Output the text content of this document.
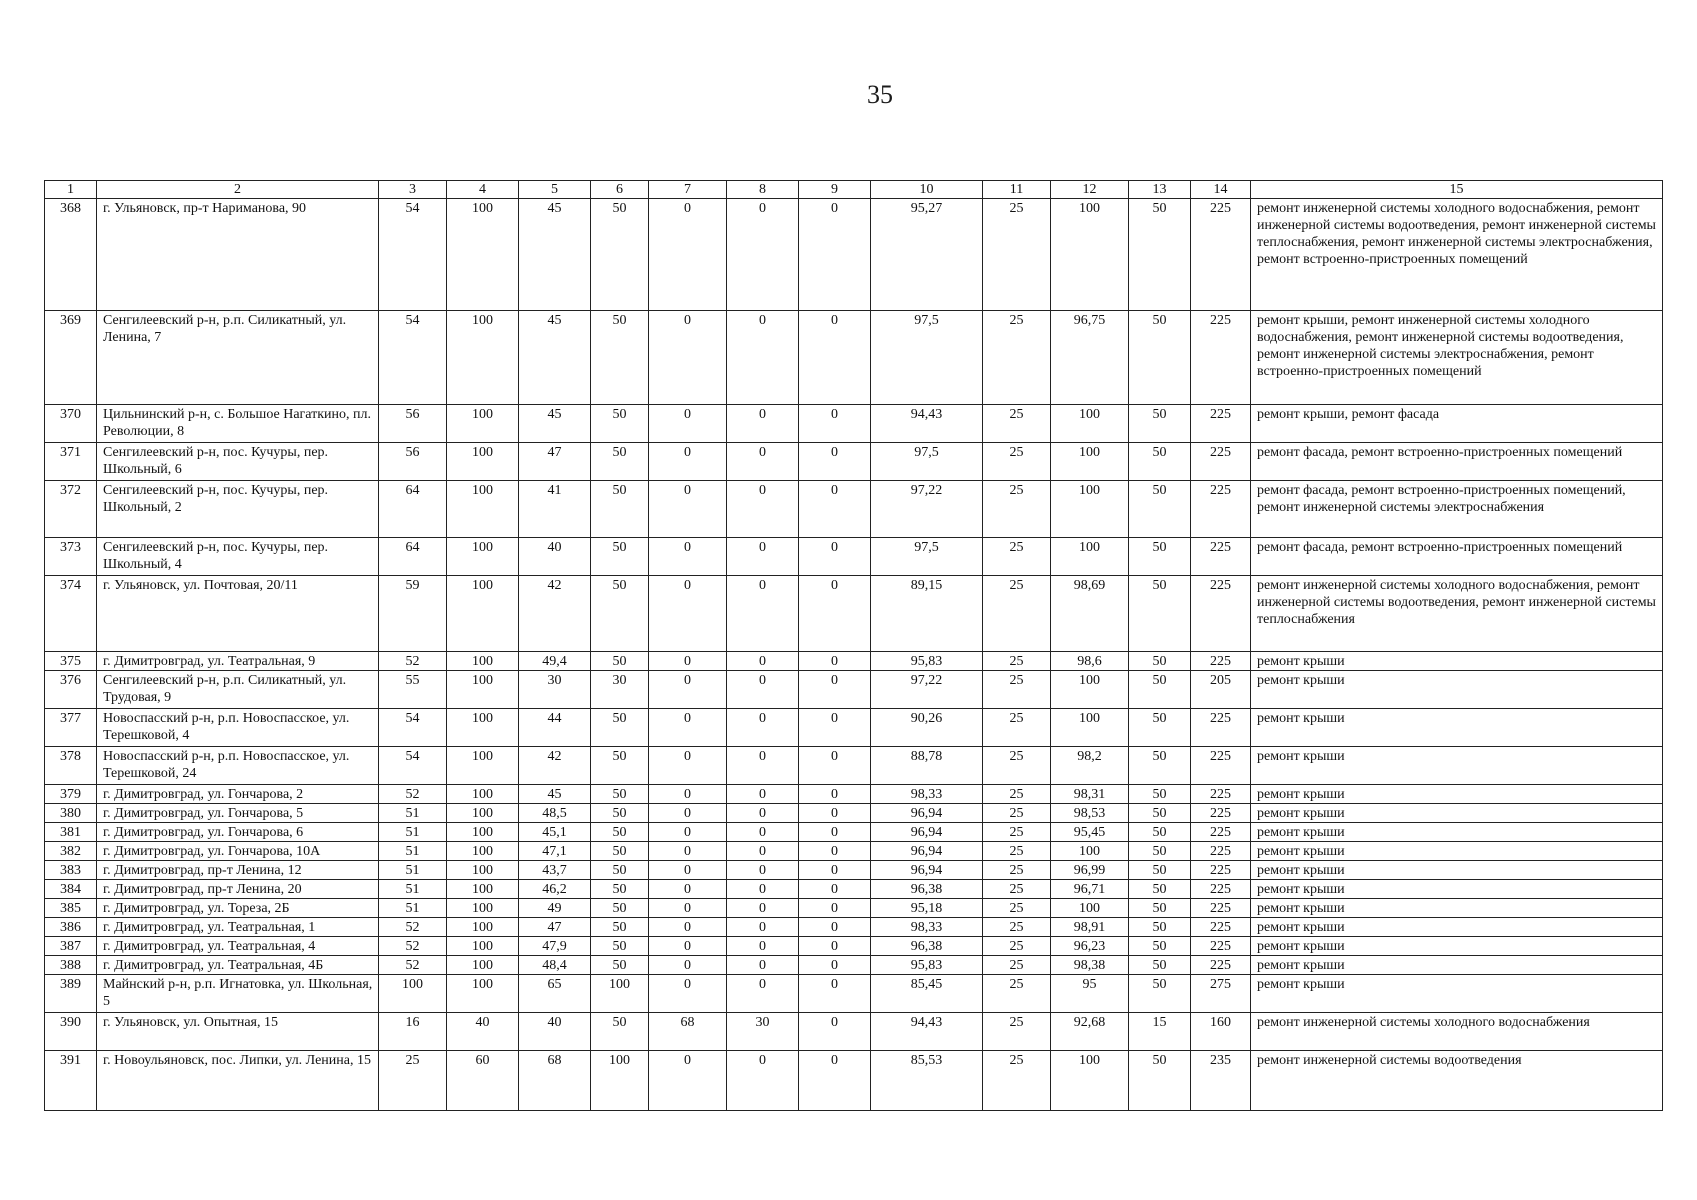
35
1	2	3	4	5	6	7	8	9	10	11	12	13	14	15
368	г. Ульяновск, пр-т Нариманова, 90	54	100	45	50	0	0	0	95,27	25	100	50	225	ремонт инженерной системы холодного водоснабжения, ремонт инженерной системы водоотведения, ремонт инженерной системы теплоснабжения, ремонт инженерной системы электроснабжения, ремонт встроенно-пристроенных помещений
369	Сенгилеевский р-н, р.п. Силикатный, ул. Ленина, 7	54	100	45	50	0	0	0	97,5	25	96,75	50	225	ремонт крыши, ремонт инженерной системы холодного водоснабжения, ремонт инженерной системы водоотведения, ремонт инженерной системы электроснабжения, ремонт встроенно-пристроенных помещений
370	Цильнинский р-н, с. Большое Нагаткино, пл. Революции, 8	56	100	45	50	0	0	0	94,43	25	100	50	225	ремонт крыши, ремонт фасада
371	Сенгилеевский р-н, пос. Кучуры, пер. Школьный, 6	56	100	47	50	0	0	0	97,5	25	100	50	225	ремонт фасада, ремонт встроенно-пристроенных помещений
372	Сенгилеевский р-н, пос. Кучуры, пер. Школьный, 2	64	100	41	50	0	0	0	97,22	25	100	50	225	ремонт фасада, ремонт встроенно-пристроенных помещений, ремонт инженерной системы электроснабжения
373	Сенгилеевский р-н, пос. Кучуры, пер. Школьный, 4	64	100	40	50	0	0	0	97,5	25	100	50	225	ремонт фасада, ремонт встроенно-пристроенных помещений
374	г. Ульяновск, ул. Почтовая, 20/11	59	100	42	50	0	0	0	89,15	25	98,69	50	225	ремонт инженерной системы холодного водоснабжения, ремонт инженерной системы водоотведения, ремонт инженерной системы теплоснабжения
375	г. Димитровград, ул. Театральная, 9	52	100	49,4	50	0	0	0	95,83	25	98,6	50	225	ремонт крыши
376	Сенгилеевский р-н, р.п. Силикатный, ул. Трудовая, 9	55	100	30	30	0	0	0	97,22	25	100	50	205	ремонт крыши
377	Новоспасский р-н, р.п. Новоспасское, ул. Терешковой, 4	54	100	44	50	0	0	0	90,26	25	100	50	225	ремонт крыши
378	Новоспасский р-н, р.п. Новоспасское, ул. Терешковой, 24	54	100	42	50	0	0	0	88,78	25	98,2	50	225	ремонт крыши
379	г. Димитровград, ул. Гончарова, 2	52	100	45	50	0	0	0	98,33	25	98,31	50	225	ремонт крыши
380	г. Димитровград, ул. Гончарова, 5	51	100	48,5	50	0	0	0	96,94	25	98,53	50	225	ремонт крыши
381	г. Димитровград, ул. Гончарова, 6	51	100	45,1	50	0	0	0	96,94	25	95,45	50	225	ремонт крыши
382	г. Димитровград, ул. Гончарова, 10А	51	100	47,1	50	0	0	0	96,94	25	100	50	225	ремонт крыши
383	г. Димитровград, пр-т Ленина, 12	51	100	43,7	50	0	0	0	96,94	25	96,99	50	225	ремонт крыши
384	г. Димитровград, пр-т Ленина, 20	51	100	46,2	50	0	0	0	96,38	25	96,71	50	225	ремонт крыши
385	г. Димитровград, ул. Тореза, 2Б	51	100	49	50	0	0	0	95,18	25	100	50	225	ремонт крыши
386	г. Димитровград, ул. Театральная, 1	52	100	47	50	0	0	0	98,33	25	98,91	50	225	ремонт крыши
387	г. Димитровград, ул. Театральная, 4	52	100	47,9	50	0	0	0	96,38	25	96,23	50	225	ремонт крыши
388	г. Димитровград, ул. Театральная, 4Б	52	100	48,4	50	0	0	0	95,83	25	98,38	50	225	ремонт крыши
389	Майнский р-н, р.п. Игнатовка, ул. Школьная, 5	100	100	65	100	0	0	0	85,45	25	95	50	275	ремонт крыши
390	г. Ульяновск, ул. Опытная, 15	16	40	40	50	68	30	0	94,43	25	92,68	15	160	ремонт инженерной системы холодного водоснабжения
391	г. Новоульяновск, пос. Липки, ул. Ленина, 15	25	60	68	100	0	0	0	85,53	25	100	50	235	ремонт инженерной системы водоотведения
